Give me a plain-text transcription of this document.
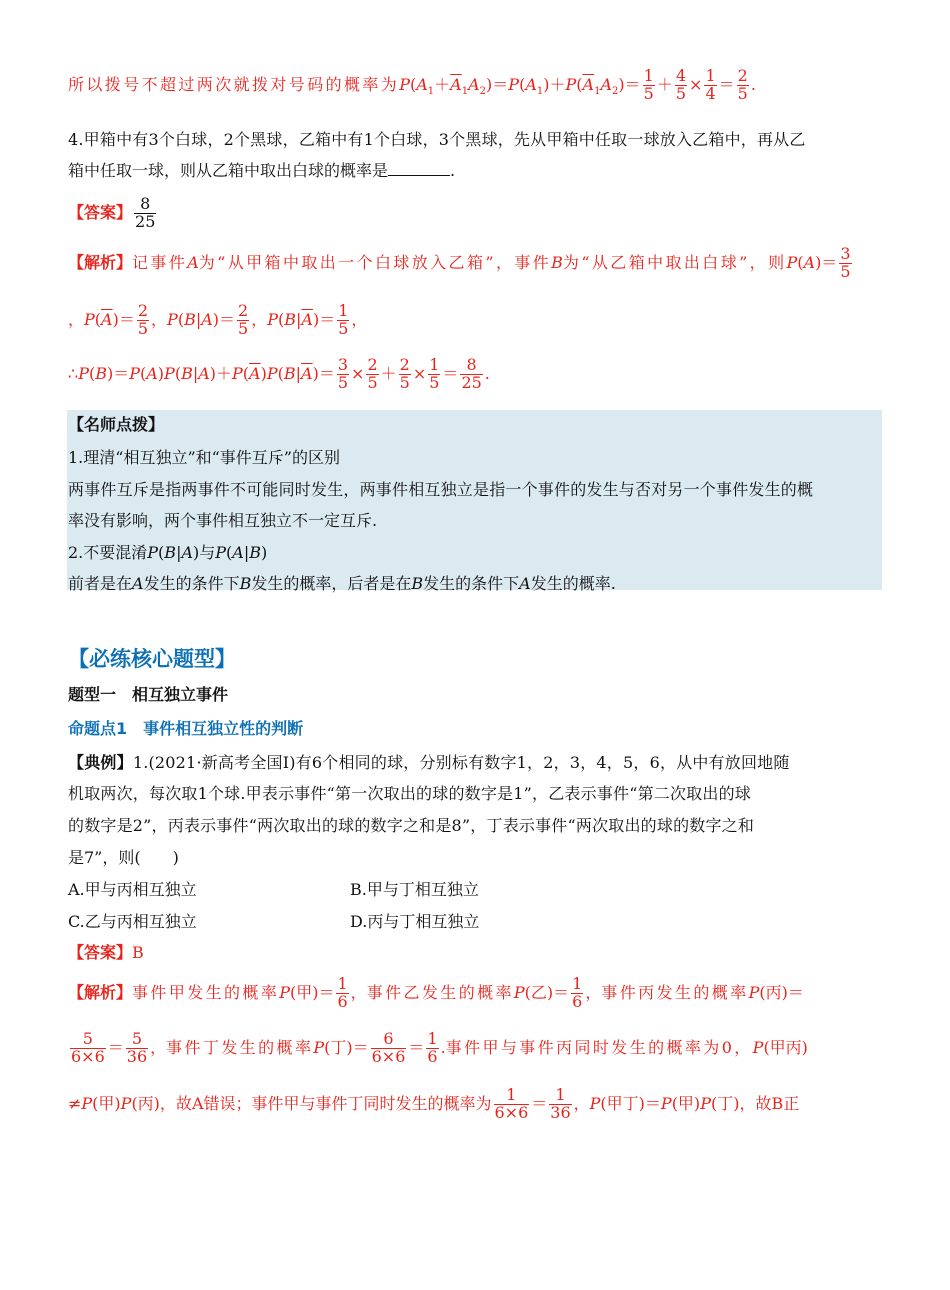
所以拨号不超过两次就拨对号码的概率为$P(A_1+\overline{A}_1A_2)=P(A_1)+P(\overline{A}_1A_2)= \frac{1}{5} + \frac{4}{5} \times \frac{1}{4} = \frac{2}{5}$ .
4.甲箱中有3个白球，2个黑球，乙箱中有1个白球，3个黑球，先从甲箱中任取一球放入乙箱中，再从乙
箱中任取一球，则从乙箱中取出白球的概率是	.
【答案】 $\frac{8}{25}$
【解析】记事件A为“从甲箱中取出一个白球放入乙箱”，事件B为“从乙箱中取出白球”，则$P(A)= \frac{3}{5}$
，$P(\overline{A})= \frac{2}{5}$ ，$P(B|A)= \frac{2}{5}$ ，$P(B|\overline{A})= \frac{1}{5}$ ，
$\therefore P(B)=P(A)P(B|A)+P(\overline{A})P(B|\overline{A})= \frac{3}{5} \times \frac{2}{5} + \frac{2}{5} \times \frac{1}{5} = \frac{8}{25}$ .
【名师点拨】
1.理清“相互独立”和“事件互斥”的区别
两事件互斥是指两事件不可能同时发生，两事件相互独立是指一个事件的发生与否对另一个事件发生的概
率没有影响，两个事件相互独立不一定互斥.
2.不要混淆P(B|A)与P(A|B)
前者是在A发生的条件下B发生的概率，后者是在B发生的条件下A发生的概率.
【必练核心题型】
题型一　相互独立事件
命题点1　事件相互独立性的判断
【典例】1.(2021·新高考全国Ⅰ)有6个相同的球，分别标有数字1，2，3，4，5，6，从中有放回地随
机取两次，每次取1个球.甲表示事件“第一次取出的球的数字是1”，乙表示事件“第二次取出的球
的数字是2”，丙表示事件“两次取出的球的数字之和是8”，丁表示事件“两次取出的球的数字之和
是7”，则(　　)
A.甲与丙相互独立	B.甲与丁相互独立
C.乙与丙相互独立	D.丙与丁相互独立
【答案】B
【解析】事件甲发生的概率P(甲)＝ $\frac{1}{6}$ ，事件乙发生的概率P(乙)＝ $\frac{1}{6}$ ，事件丙发生的概率P(丙)＝
$\frac{5}{6\times 6} = \frac{5}{36}$ ，事件丁发生的概率P(丁)＝ $\frac{6}{6\times 6} = \frac{1}{6}$ .事件甲与事件丙同时发生的概率为0，P(甲丙)
≠P(甲)P(丙)，故A错误；事件甲与事件丁同时发生的概率为 $\frac{1}{6\times 6} = \frac{1}{36}$ ，P(甲丁)＝P(甲)P(丁)，故B正
